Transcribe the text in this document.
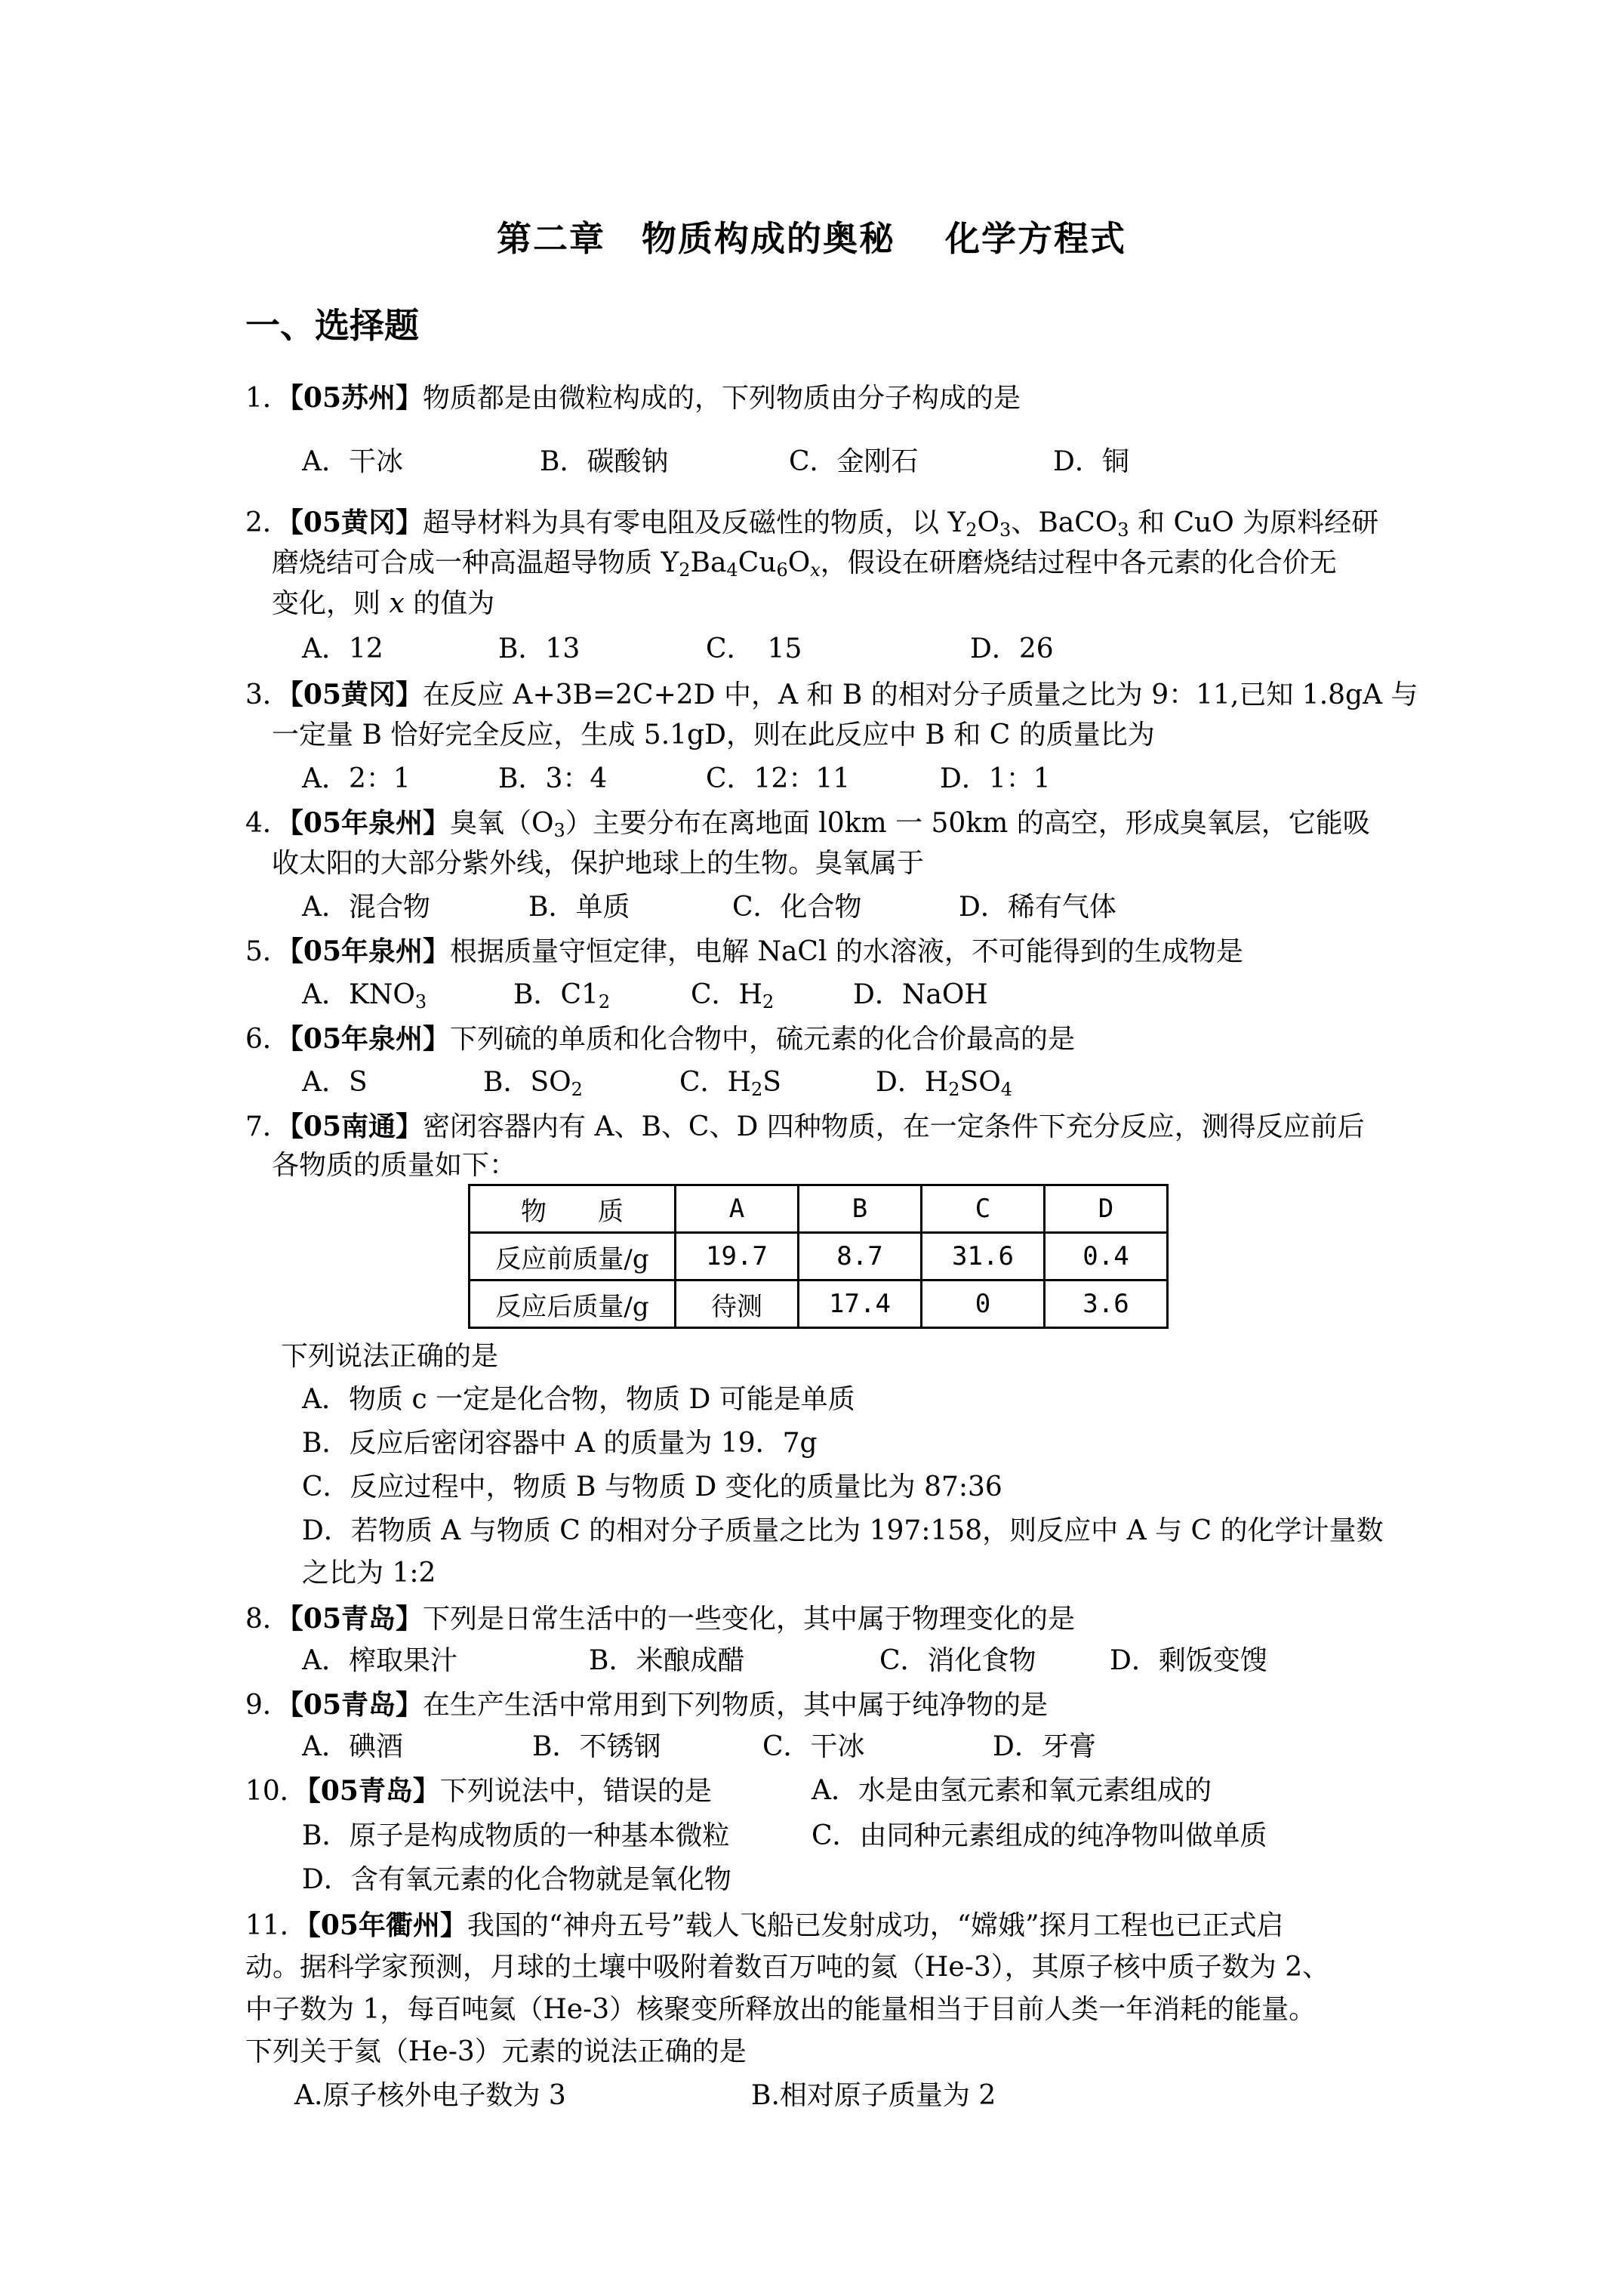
第二章　物质构成的奥秘　 化学方程式
一、选择题
1．【05苏州】物质都是由微粒构成的，下列物质由分子构成的是
A．干冰	B．碳酸钠	C．金刚石	D．铜
2．【05黄冈】超导材料为具有零电阻及反磁性的物质，以 $Y_2O_3$、BaCO$_3$ 和 CuO 为原料经研
磨烧结可合成一种高温超导物质 $Y_2Ba_4Cu_6O_x$，假设在研磨烧结过程中各元素的化合价无
变化，则 x 的值为
A．12	B．13	C．　15	D．26
3．【05黄冈】在反应 A+3B=2C+2D 中，A 和 B 的相对分子质量之比为 9：11,已知 1.8gA 与
一定量 B 恰好完全反应，生成 5.1gD，则在此反应中 B 和 C 的质量比为
A．2：1	B．3：4	C．12：11	D．1：1
4．【05年泉州】臭氧$(O_3)$主要分布在离地面 l0km 一 50km 的高空，形成臭氧层，它能吸
收太阳的大部分紫外线，保护地球上的生物。臭氧属于
A．混合物	B．单质	C．化合物	D．稀有气体
5．【05年泉州】根据质量守恒定律，电解 NaCl 的水溶液，不可能得到的生成物是
A．$KNO_3$	B．$C1_2$	C．$H_2$	D．NaOH
6．【05年泉州】下列硫的单质和化合物中，硫元素的化合价最高的是
A．S	B．$SO_2$	C．$H_2S$	D．$H_2SO_4$
7．【05南通】密闭容器内有 A、B、C、D 四种物质，在一定条件下充分反应，测得反应前后
各物质的质量如下：
物　　质	A	B	C	D
反应前质量/g	19.7	8.7	31.6	0.4
反应后质量/g	待测	17.4	0	3.6
下列说法正确的是
A．物质 c 一定是化合物，物质 D 可能是单质
B．反应后密闭容器中 A 的质量为 19．7g
C．反应过程中，物质 B 与物质 D 变化的质量比为 87:36
D．若物质 A 与物质 C 的相对分子质量之比为 197:158，则反应中 A 与 C 的化学计量数
之比为 1:2
8．【05青岛】下列是日常生活中的一些变化，其中属于物理变化的是
A．榨取果汁	B．米酿成醋	C．消化食物	D．剩饭变馊
9．【05青岛】在生产生活中常用到下列物质，其中属于纯净物的是
A．碘酒	B．不锈钢	C．干冰	D．牙膏
10．【05青岛】下列说法中，错误的是	A．水是由氢元素和氧元素组成的
B．原子是构成物质的一种基本微粒	C．由同种元素组成的纯净物叫做单质
D．含有氧元素的化合物就是氧化物
11．【05年衢州】我国的“神舟五号”载人飞船已发射成功，“嫦娥”探月工程也已正式启
动。据科学家预测，月球的土壤中吸附着数百万吨的氦（He-3），其原子核中质子数为 2、
中子数为 1，每百吨氦（He-3）核聚变所释放出的能量相当于目前人类一年消耗的能量。
下列关于氦（He-3）元素的说法正确的是
A.原子核外电子数为 3	B.相对原子质量为 2
